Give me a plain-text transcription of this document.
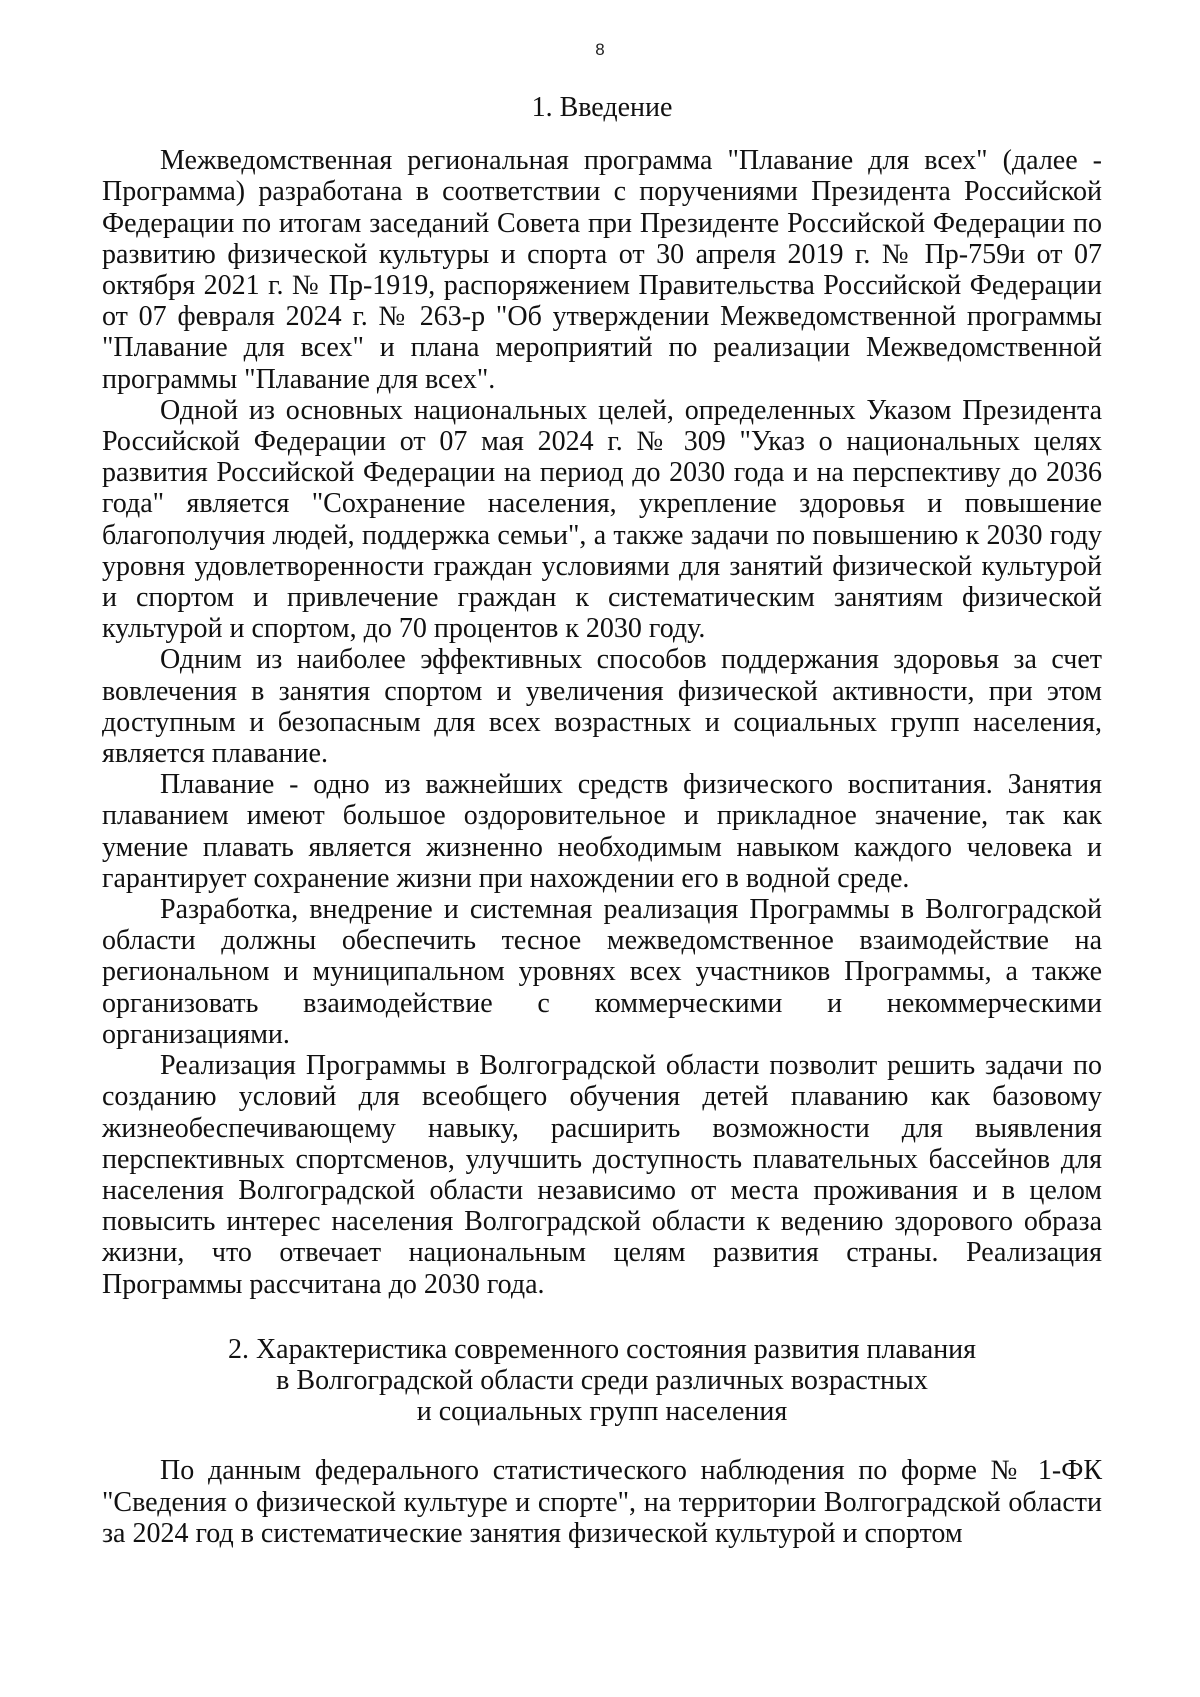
8
1. Введение

Межведомственная региональная программа "Плавание для всех" (далее - Программа) разработана в соответствии с поручениями Президента Российской Федерации по итогам заседаний Совета при Президенте Российской Федерации по развитию физической культуры и спорта от 30 апреля 2019 г. № Пр-759и от 07 октября 2021 г. № Пр-1919, распоряжением Правительства Российской Федерации от 07 февраля 2024 г. № 263-р "Об утверждении Межведомственной программы "Плавание для всех" и плана мероприятий по реализации Межведомственной программы "Плавание для всех".

Одной из основных национальных целей, определенных Указом Президента Российской Федерации от 07 мая 2024 г. № 309 "Указ о национальных целях развития Российской Федерации на период до 2030 года и на перспективу до 2036 года" является "Сохранение населения, укрепление здоровья и повышение благополучия людей, поддержка семьи", а также задачи по повышению к 2030 году уровня удовлетворенности граждан условиями для занятий физической культурой и спортом и привлечение граждан к систематическим занятиям физической культурой и спортом, до 70 процентов к 2030 году.

Одним из наиболее эффективных способов поддержания здоровья за счет вовлечения в занятия спортом и увеличения физической активности, при этом доступным и безопасным для всех возрастных и социальных групп населения, является плавание.

Плавание - одно из важнейших средств физического воспитания. Занятия плаванием имеют большое оздоровительное и прикладное значение, так как умение плавать является жизненно необходимым навыком каждого человека и гарантирует сохранение жизни при нахождении его в водной среде.

Разработка, внедрение и системная реализация Программы в Волгоградской области должны обеспечить тесное межведомственное взаимодействие на региональном и муниципальном уровнях всех участников Программы, а также организовать взаимодействие с коммерческими и некоммерческими организациями.

Реализация Программы в Волгоградской области позволит решить задачи по созданию условий для всеобщего обучения детей плаванию как базовому жизнеобеспечивающему навыку, расширить возможности для выявления перспективных спортсменов, улучшить доступность плавательных бассейнов для населения Волгоградской области независимо от места проживания и в целом повысить интерес населения Волгоградской области к ведению здорового образа жизни, что отвечает национальным целям развития страны. Реализация Программы рассчитана до 2030 года.

2. Характеристика современного состояния развития плавания
в Волгоградской области среди различных возрастных
и социальных групп населения

По данным федерального статистического наблюдения по форме № 1-ФК "Сведения о физической культуре и спорте", на территории Волгоградской области за 2024 год в систематические занятия физической культурой и спортом
